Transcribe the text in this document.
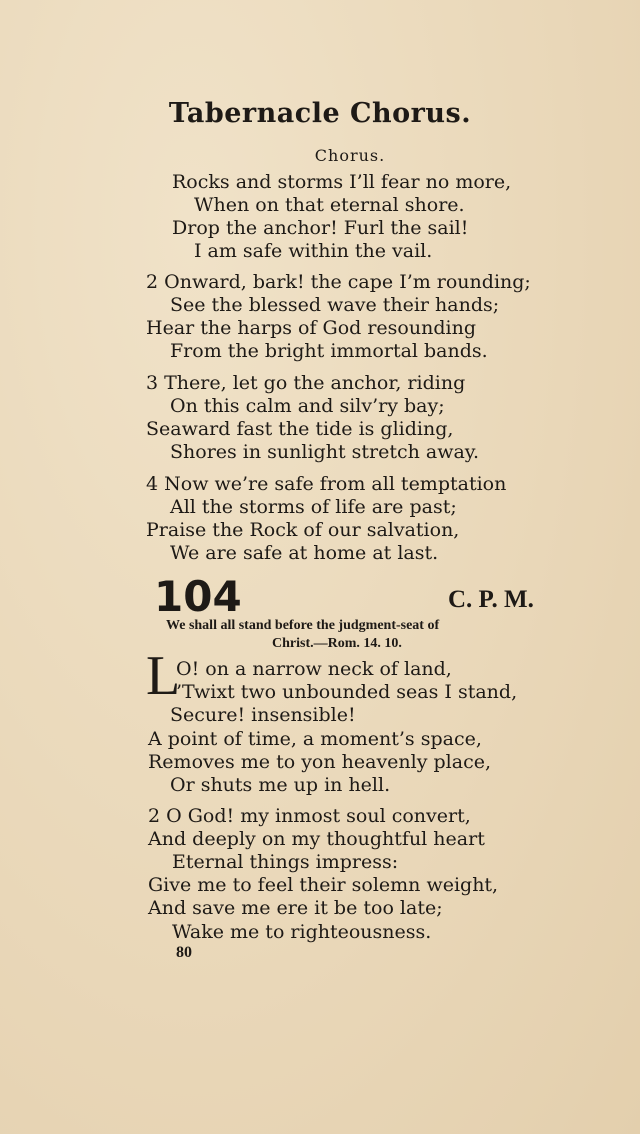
Tabernacle Chorus.
Chorus.
Rocks and storms I’ll fear no more,
When on that eternal shore.
Drop the anchor! Furl the sail!
I am safe within the vail.
2 Onward, bark! the cape I’m rounding;
See the blessed wave their hands;
Hear the harps of God resounding
From the bright immortal bands.
3 There, let go the anchor, riding
On this calm and silv’ry bay;
Seaward fast the tide is gliding,
Shores in sunlight stretch away.
4 Now we’re safe from all temptation
All the storms of life are past;
Praise the Rock of our salvation,
We are safe at home at last.
104	C. P. M.
We shall all stand before the judgment-seat of
Christ.—Rom. 14. 10.
L
O! on a narrow neck of land,
’Twixt two unbounded seas I stand,
Secure! insensible!
A point of time, a moment’s space,
Removes me to yon heavenly place,
Or shuts me up in hell.
2 O God! my inmost soul convert,
And deeply on my thoughtful heart
Eternal things impress:
Give me to feel their solemn weight,
And save me ere it be too late;
Wake me to righteousness.
80
